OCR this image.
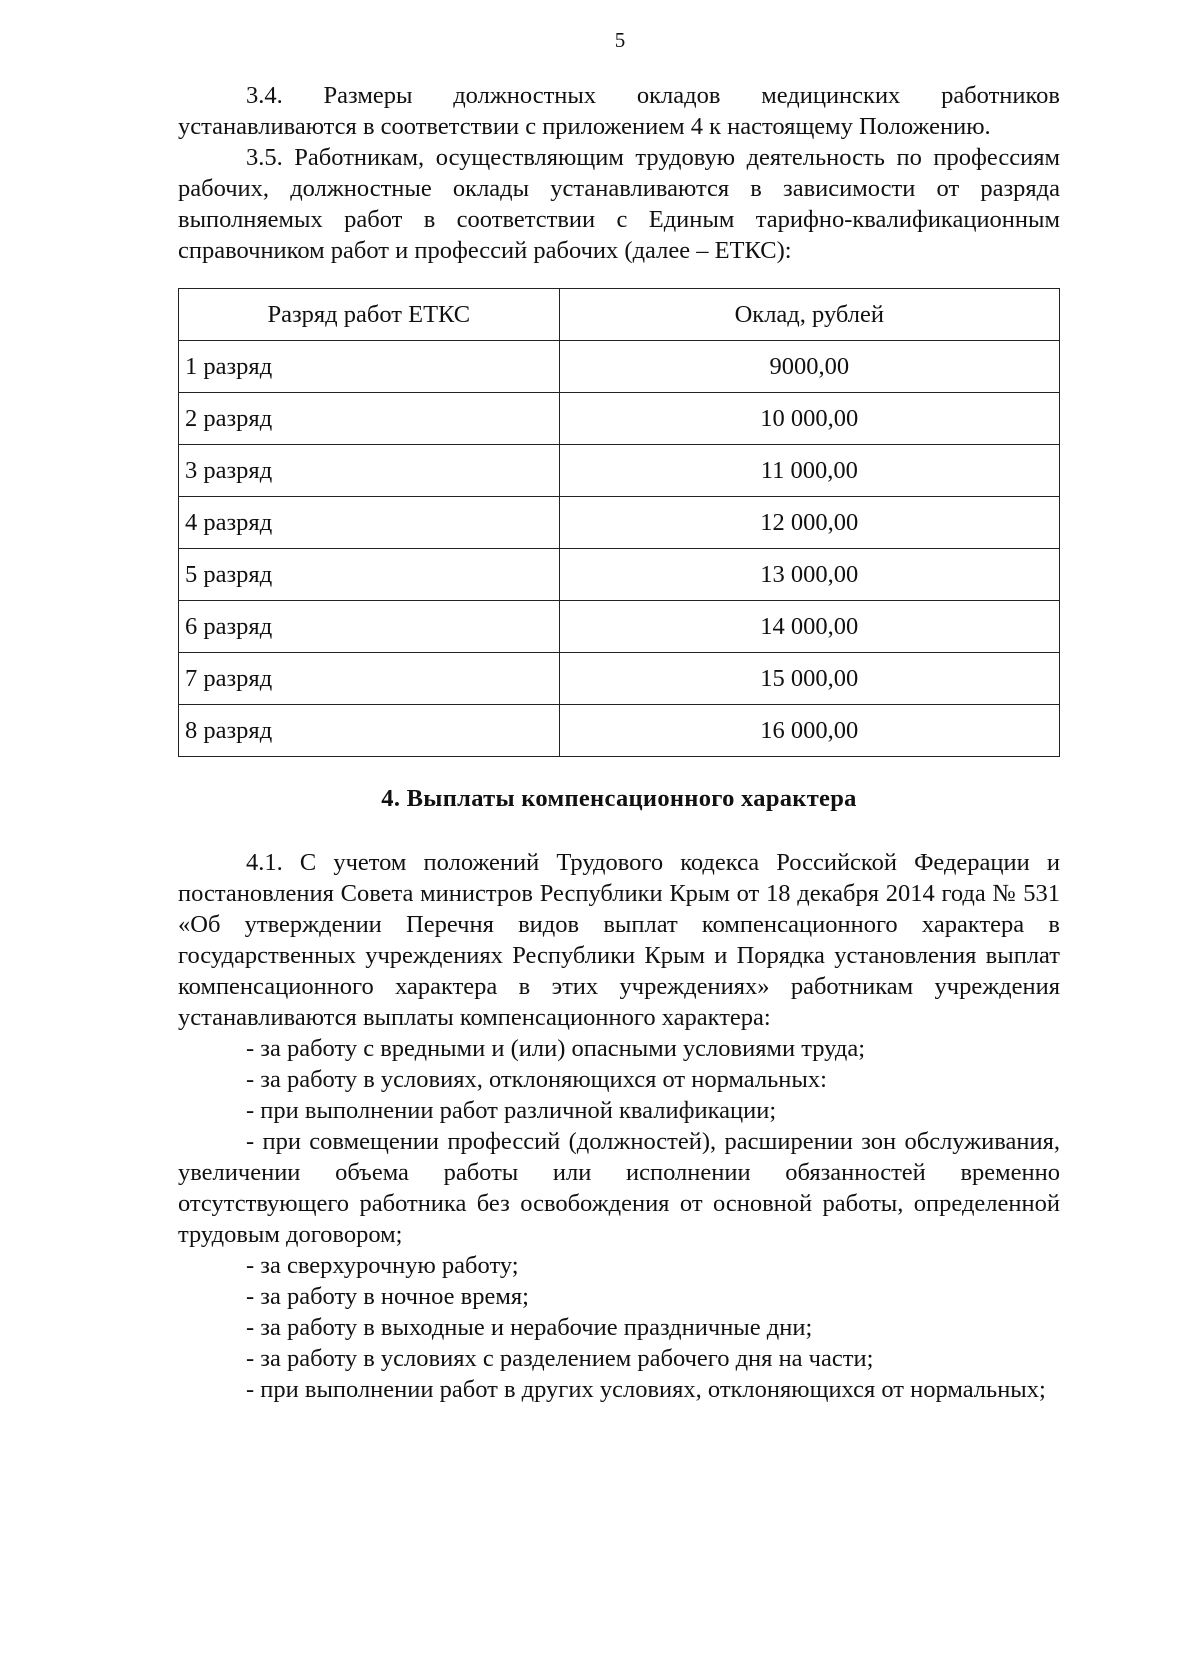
5

3.4. Размеры должностных окладов медицинских работников устанавливаются в соответствии с приложением 4 к настоящему Положению.

3.5. Работникам, осуществляющим трудовую деятельность по профессиям рабочих, должностные оклады устанавливаются в зависимости от разряда выполняемых работ в соответствии с Единым тарифно-квалификационным справочником работ и профессий рабочих (далее – ЕТКС):

Разряд работ ЕТКС	Оклад, рублей
1 разряд	9000,00
2 разряд	10 000,00
3 разряд	11 000,00
4 разряд	12 000,00
5 разряд	13 000,00
6 разряд	14 000,00
7 разряд	15 000,00
8 разряд	16 000,00
4. Выплаты компенсационного характера

4.1. С учетом положений Трудового кодекса Российской Федерации и постановления Совета министров Республики Крым от 18 декабря 2014 года № 531 «Об утверждении Перечня видов выплат компенсационного характера в государственных учреждениях Республики Крым и Порядка установления выплат компенсационного характера в этих учреждениях» работникам учреждения устанавливаются выплаты компенсационного характера:

- за работу с вредными и (или) опасными условиями труда;

- за работу в условиях, отклоняющихся от нормальных:

- при выполнении работ различной квалификации;

- при совмещении профессий (должностей), расширении зон обслуживания, увеличении объема работы или исполнении обязанностей временно отсутствующего работника без освобождения от основной работы, определенной трудовым договором;

- за сверхурочную работу;

- за работу в ночное время;

- за работу в выходные и нерабочие праздничные дни;

- за работу в условиях с разделением рабочего дня на части;

- при выполнении работ в других условиях, отклоняющихся от нормальных;
